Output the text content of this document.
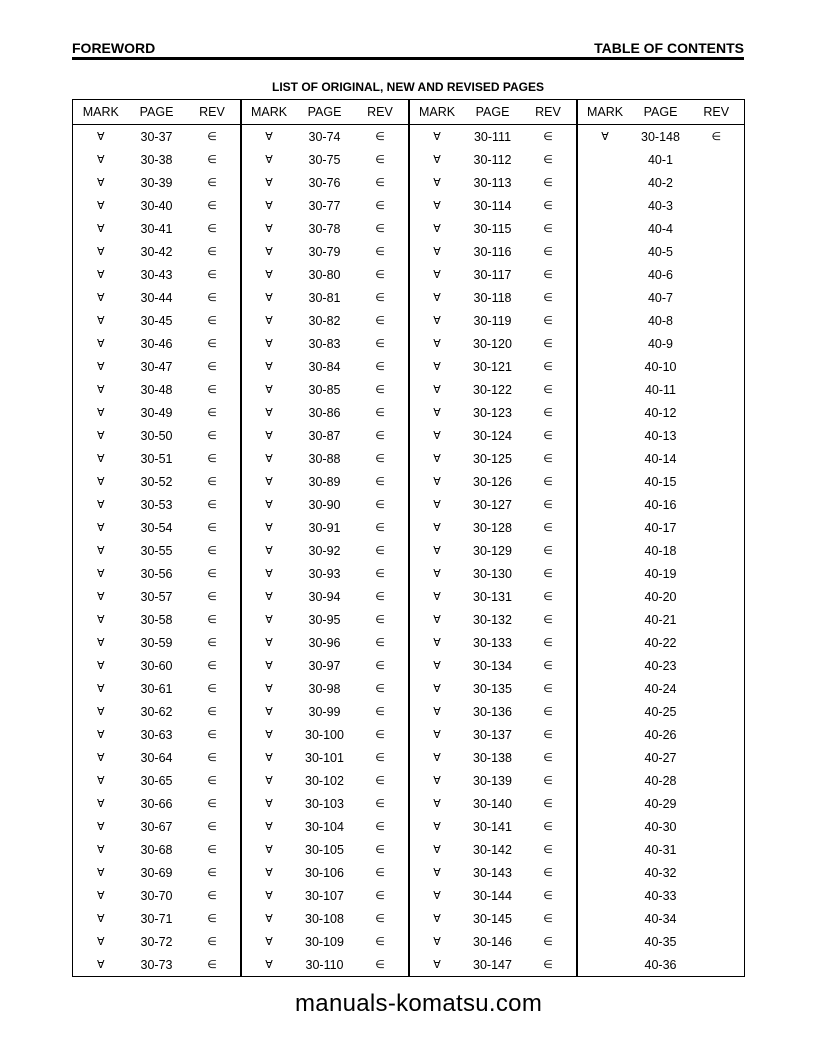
FOREWORD	TABLE OF CONTENTS
LIST OF ORIGINAL, NEW AND REVISED PAGES
MARK	PAGE	REV	MARK	PAGE	REV	MARK	PAGE	REV	MARK	PAGE	REV
∀	30-37	∈	∀	30-74	∈	∀	30-111	∈	∀	30-148	∈
∀	30-38	∈	∀	30-75	∈	∀	30-112	∈		40-1	
∀	30-39	∈	∀	30-76	∈	∀	30-113	∈		40-2	
∀	30-40	∈	∀	30-77	∈	∀	30-114	∈		40-3	
∀	30-41	∈	∀	30-78	∈	∀	30-115	∈		40-4	
∀	30-42	∈	∀	30-79	∈	∀	30-116	∈		40-5	
∀	30-43	∈	∀	30-80	∈	∀	30-117	∈		40-6	
∀	30-44	∈	∀	30-81	∈	∀	30-118	∈		40-7	
∀	30-45	∈	∀	30-82	∈	∀	30-119	∈		40-8	
∀	30-46	∈	∀	30-83	∈	∀	30-120	∈		40-9	
∀	30-47	∈	∀	30-84	∈	∀	30-121	∈		40-10	
∀	30-48	∈	∀	30-85	∈	∀	30-122	∈		40-11	
∀	30-49	∈	∀	30-86	∈	∀	30-123	∈		40-12	
∀	30-50	∈	∀	30-87	∈	∀	30-124	∈		40-13	
∀	30-51	∈	∀	30-88	∈	∀	30-125	∈		40-14	
∀	30-52	∈	∀	30-89	∈	∀	30-126	∈		40-15	
∀	30-53	∈	∀	30-90	∈	∀	30-127	∈		40-16	
∀	30-54	∈	∀	30-91	∈	∀	30-128	∈		40-17	
∀	30-55	∈	∀	30-92	∈	∀	30-129	∈		40-18	
∀	30-56	∈	∀	30-93	∈	∀	30-130	∈		40-19	
∀	30-57	∈	∀	30-94	∈	∀	30-131	∈		40-20	
∀	30-58	∈	∀	30-95	∈	∀	30-132	∈		40-21	
∀	30-59	∈	∀	30-96	∈	∀	30-133	∈		40-22	
∀	30-60	∈	∀	30-97	∈	∀	30-134	∈		40-23	
∀	30-61	∈	∀	30-98	∈	∀	30-135	∈		40-24	
∀	30-62	∈	∀	30-99	∈	∀	30-136	∈		40-25	
∀	30-63	∈	∀	30-100	∈	∀	30-137	∈		40-26	
∀	30-64	∈	∀	30-101	∈	∀	30-138	∈		40-27	
∀	30-65	∈	∀	30-102	∈	∀	30-139	∈		40-28	
∀	30-66	∈	∀	30-103	∈	∀	30-140	∈		40-29	
∀	30-67	∈	∀	30-104	∈	∀	30-141	∈		40-30	
∀	30-68	∈	∀	30-105	∈	∀	30-142	∈		40-31	
∀	30-69	∈	∀	30-106	∈	∀	30-143	∈		40-32	
∀	30-70	∈	∀	30-107	∈	∀	30-144	∈		40-33	
∀	30-71	∈	∀	30-108	∈	∀	30-145	∈		40-34	
∀	30-72	∈	∀	30-109	∈	∀	30-146	∈		40-35	
∀	30-73	∈	∀	30-110	∈	∀	30-147	∈		40-36	
manuals-komatsu.com
